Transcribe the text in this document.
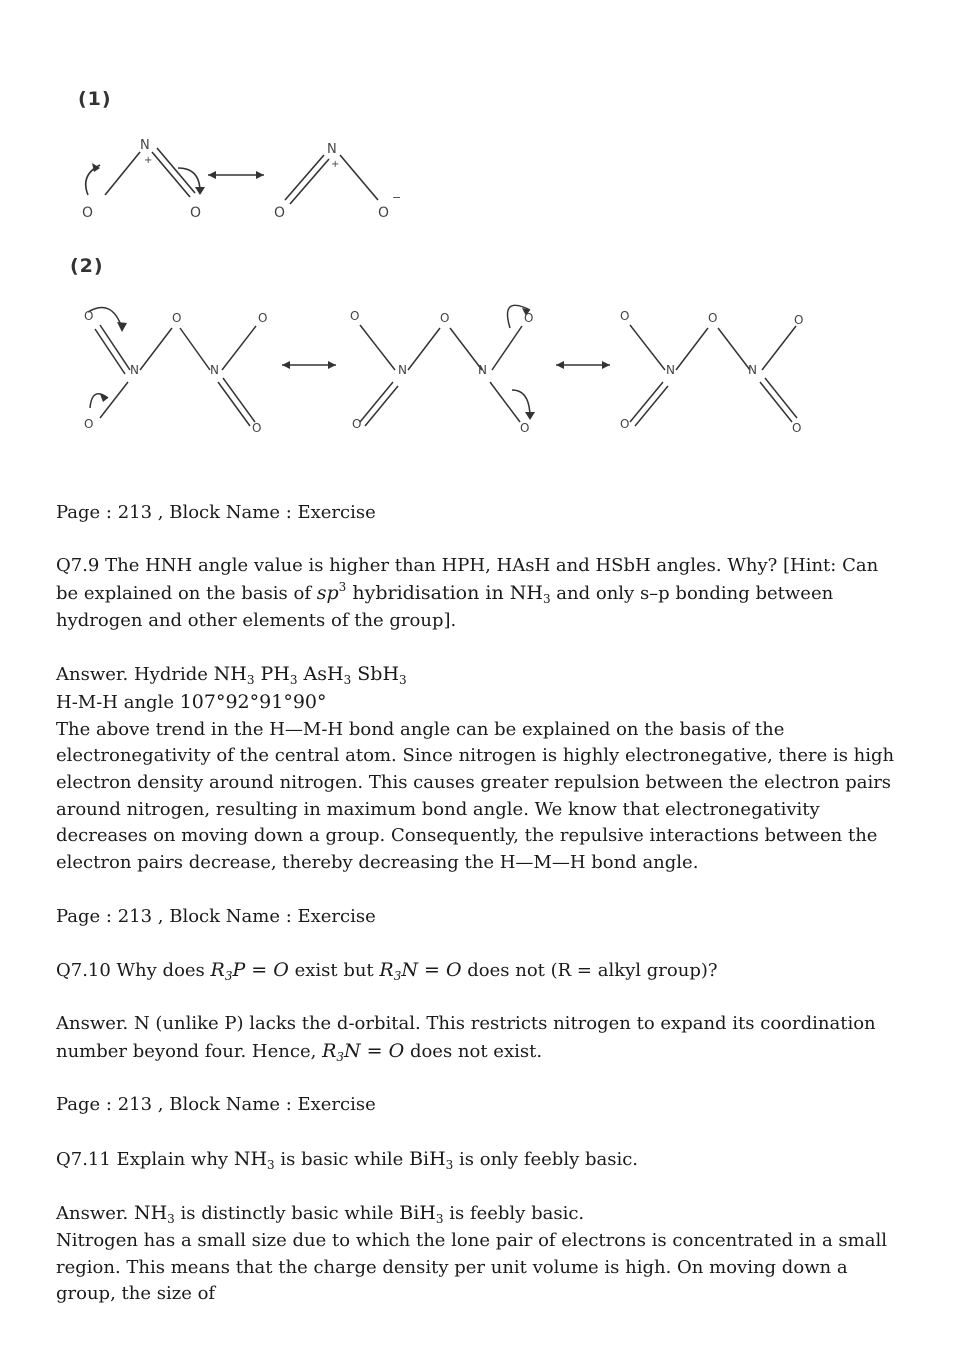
(1)
N
+
O	O
N
+
O	O
−
(2)
O	O	O
N	N
O	O
O	O	O
N	N
O	O
O	O	O
N	N
O	O

Page : 213 , Block Name : Exercise

Q7.9 The HNH angle value is higher than HPH, HAsH and HSbH angles. Why? [Hint: Can be explained on the basis of $sp^3$ hybridisation in $NH_3$ and only s–p bonding between hydrogen and other elements of the group].

Answer. Hydride $NH_3$ $PH_3$ AsH$_3$ SbH$_3$

H-M-H angle 107°92°91°90°

The above trend in the H—M-H bond angle can be explained on the basis of the electronegativity of the central atom. Since nitrogen is highly electronegative, there is high electron density around nitrogen. This causes greater repulsion between the electron pairs around nitrogen, resulting in maximum bond angle. We know that electronegativity decreases on moving down a group. Consequently, the repulsive interactions between the electron pairs decrease, thereby decreasing the H—M—H bond angle.

Page : 213 , Block Name : Exercise

Q7.10 Why does $R_3P = O$ exist but $R_3N = O$ does not (R = alkyl group)?

Answer. N (unlike P) lacks the d-orbital. This restricts nitrogen to expand its coordination number beyond four. Hence, $R_3N = O$ does not exist.

Page : 213 , Block Name : Exercise

Q7.11 Explain why $NH_3$ is basic while BiH$_3$ is only feebly basic.

Answer. $NH_3$ is distinctly basic while BiH$_3$ is feebly basic.

Nitrogen has a small size due to which the lone pair of electrons is concentrated in a small region. This means that the charge density per unit volume is high. On moving down a group, the size of
